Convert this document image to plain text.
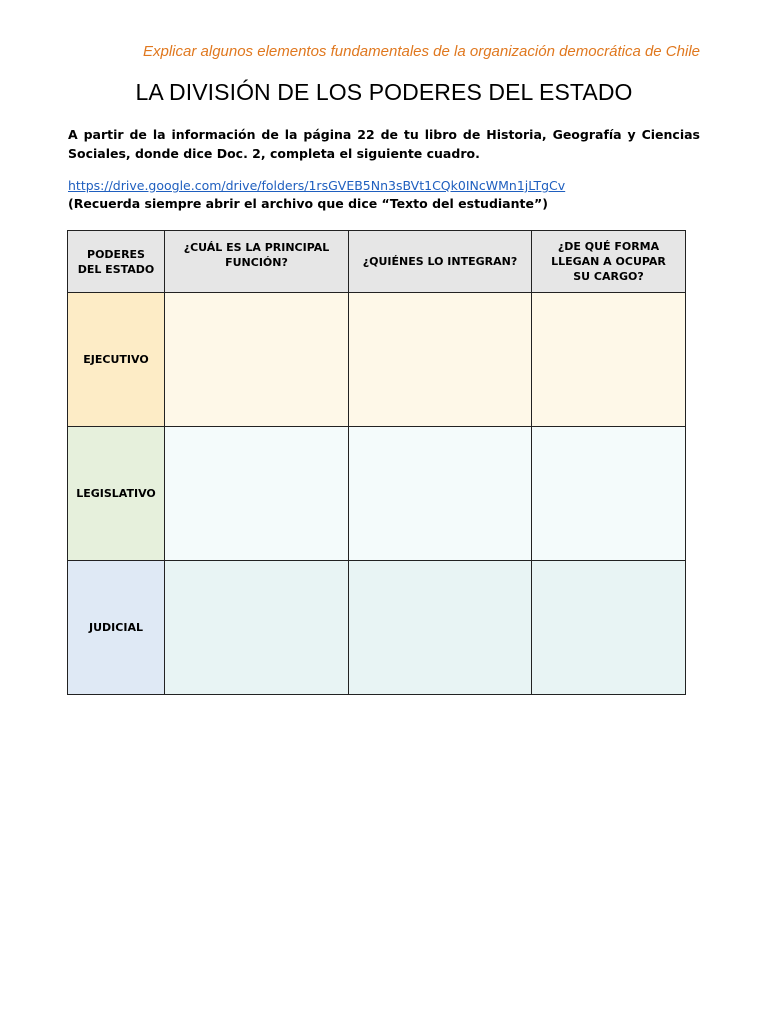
Explicar algunos elementos fundamentales de la organización democrática de Chile
LA DIVISIÓN DE LOS PODERES DEL ESTADO

A partir de la información de la página 22 de tu libro de Historia, Geografía y Ciencias Sociales, donde dice Doc. 2, completa el siguiente cuadro.

https://drive.google.com/drive/folders/1rsGVEB5Nn3sBVt1CQk0INcWMn1jLTgCv
(Recuerda siempre abrir el archivo que dice “Texto del estudiante”)
PODERES DEL ESTADO	¿CUÁL ES LA PRINCIPAL FUNCIÓN?	¿QUIÉNES LO INTEGRAN?	¿DE QUÉ FORMA LLEGAN A OCUPAR SU CARGO?
EJECUTIVO			
LEGISLATIVO			
JUDICIAL			
